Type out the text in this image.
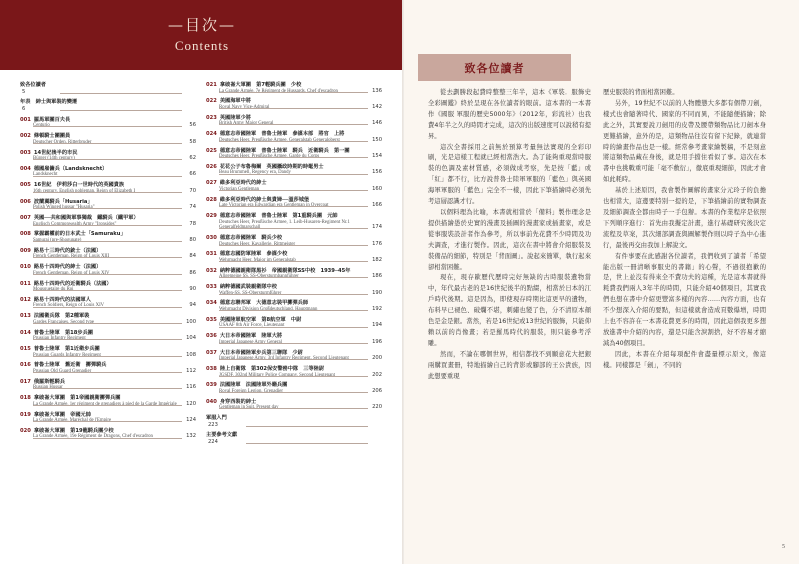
—目次—
Contents
致各位讀者
5
年表　紳士與軍裝的變遷
6
001 羅馬軍團百夫長
Centurio	56
002 條頓騎士團團員
Deutscher Orden, Ritterbruder	58
003 14世紀後半的市民
Bürger (14th century)	62
004 德國雇傭兵（Landsknecht）
Landsknecht	66
005 16世紀　伊莉莎白一世時代的英國貴族
16th century, English nobleman, Reign of Elizabeth I	70
006 波蘭翼騎兵「Husaria」
Polish Winged hussar "Husaria"	74
007 英國──共和國與軍事獨裁　鐵騎兵（鐵甲軍）
Englisch Commonwealth Army "Ironsides"	78
008 掌握霸權前的日本武士「Samuraku」
Samurai (pre-Shogunate)	80
009 路易十三時代的銃士（法國）
French Gentleman, Reign of Louis XIII	84
010 路易十四時代的紳士（法國）
French Gentleman, Reign of Louis XIV	86
011 路易十四時代的近衛騎兵（法國）
Mousquetaire du Roi	90
012 路易十四時代的法國軍人
French Soldiers, Reign of Louis XIV	94
013 法國衛兵隊　第2種軍裝
Gardes Françaises, Second type	100
014 普魯士陸軍　第18步兵團
Prussian Infantry Regiment	104
015 普魯士陸軍　第1近衛步兵團
Prussian Guards Infantry Regiment	108
016 普魯士陸軍　舊近衛　擲彈騎兵
Prussian Old Guard Grenadier	112
017 俄羅斯輕騎兵
Russian Hussar	116
018 拿破崙大軍團　第1帝國親衛擲彈兵團
La Grande Armée, 1er régiment de grenadiers à pied de la Garde Impériale	120
019 拿破崙大軍團　帝國元帥
La Grande Armée, Maréchal de l'Empire	124
020 拿破崙大軍團　第19龍騎兵團少校
La Grande Armée, 19e Régiment de Dragons, Chef d'escadron	132
021 拿破崙大軍團　第7輕騎兵團　少校
La Grande Armée, 7e Régiment de Hussards, Chef d'escadron	136
022 美國海軍中將
Royal Navy Vice-Admiral	142
023 英國陸軍少將
British Army Major General	146
024 德意志帝國陸軍　普魯士陸軍　參謀本部　將官　上將
Deutsches Heer, Preußische Armee, Generalstab Generaloberst	150
025 德意志帝國陸軍　普魯士陸軍　騎兵　近衛騎兵　第一團
Deutsches Heer, Preußische Armee, Garde du Corps	154
026 花花公子布魯梅爾　英國攝政時期的時髦男士
Beau Brummell, Regency era, Dandy	156
027 維多利亞時代的紳士
Victorian Gentleman	160
028 維多利亞時代的紳士與貴婦──溫莎城堡
Late Victorian era Edwardian era Gentleman in Overcoat	166
029 德意志帝國陸軍　普魯士陸軍　第1重騎兵團　元帥
Deutsches Heer, Preußische Armee, 1. Leib-Husaren-Regiment Nr.1 Generalfeldmarschall	174
030 德意志帝國陸軍　騎兵少校
Deutsches Heer, Kavallerie, Rittmeister	176
031 德意志國防軍陸軍　參謀少校
Wehrmacht Heer, Major im Generalstab	182
032 納粹德國親衛隊黑衫　帝國親衛隊SS中校　1939─45年
Allgemeine SS, SS-Obersturmbannführer	186
033 納粹德國武裝親衛隊中校
Waffen-SS, SS-Obersturmführer	190
034 德意志聯邦軍　大德意志裝甲擲彈兵師
Wehrmacht Division Großdeutschland, Hauptmann	192
035 美國陸軍航空軍　第8航空軍　中尉
USAAF 8th Air Force, Lieutenant	194
036 大日本帝國陸軍　陸軍大將
Imperial Japanese Army General	196
037 大日本帝國陸軍步兵第三聯隊　少尉
Imperial Japanese Army, 3rd Infantry Regiment, Second Lieutenant	200
038 陸上自衛隊　第302保安警務中隊　三等陸尉
JGSDF, 302nd Military Police Company, Second Lieutenant	202
039 法國陸軍　法國陸軍外籍兵團
Royal Foreign Legion, Grenadier	206
040 身穿西裝的紳士
Gentleman in Suit, Present day	220
軍服入門
223
主要參考文獻
224
致各位讀者

從去劃勝段起費時整整三年半，這本《軍裝．服飾史全彩圖鑑》終於呈現在各位讀者的眼前。這本書的一本書作《國服 軍服的歷史5000年》（2012年，彩流社）也我費4年半之久的時間才完成，這次的出版速度可以說稍有提昇。

這次全書採用之前無於預算考量無法實現的全彩印刷，光是這樣工程就已經相當浩大。為了能夠重現當時服裝的色調及素材質感，必須做成考察，先是按「藍」或「紅」都不行，比方說普魯士陸軍軍服的「藍色」與英國海軍軍服的「藍色」完全不一樣，因此下筆描繪時必須先考這層認識才行。

以個料理為比喻，本書就相當於「備料」製作理念是提供描繪愚於史實的漫畫及插圖的漫畫家或插畫家，或是從事服裝設計者作為參考，所以事前先花費不少時間及功夫調查，才進行製作。因此，這次在書中將會介紹服裝及裝備品的細節，特別是「背面圖」。說起來簡單，執行起來卻相當困難。

現在，現存歐歷代歷時完好無缺的古時服裝遺物當中，年代最古老的是16世紀後半的點綴，相當於日本的江戶時代後期。這是因為，即使現存時期比這更早的遺物，布料早已褪色、破爛不堪，刺繡也變了色，分不清原本顏色是金是銀。當然，若是16世紀或13世紀的服飾，只能仰賴以前的肖像畫；若是羅馬時代的服裝，則只能參考浮雕。

然而，不論在哪個世界，相信都找不到願意花大把銀兩購買畫冊，特地描繪自己的背影或腳部的王公貴族，因此想要重現

歷史服裝的背面相當困難。

另外，19世紀不以前的人物體態大多都有個帶刀劍，樣式也會隨著時代、國家的不同而異，不能隨便描繪；除此之外，其實要說刀劍用的皮帶及腰帶類物品比刀劍本身更難描繪，意外的是，這類物品往沒有留下紀錄，就連當時的繪畫作品也是一樣。經常參考畫家繪製稿，不是刻意將這類物品藏在身後，就是用手擋住看似了事。這次在本書中也挑戰重可能「毫不敷衍」，徹底重現細節，因此才會如此耗時。

基於上述原因，我會製作圖解的畫家分元玲子的負擔也相當大，這邊要特別一提的是，下筆描繪前的實物調查及細節調查全都由時子一手包辦。本書的作業程序是依照下列順序進行：首先由我擬定計畫，進行基礎研究後決定流程及草案，其次細部調查與圖解製作則以時子為中心進行，最後再交由我加上解說文。

有件事要在此感謝各位讀者，我們收到了讀者「希望能出版一冊清晰事服史的書籍」的心聲，不過很抱歉的是，世上並沒有得來全不費功夫的這種，光是這本書就得耗費我們兩人3年半的時間，只能介紹40個項目，其實我們也想在書中介紹更豐富多樣的內容……內容方面，也有不少想深入介紹的要點，但這樣就會造成頁數爆增，時間上也不容許在一本書花費更多的時間，因此這個我更多想放進書中介紹的內容，還是只能含淚割捨，好不容易才縮減為40個項目。

因此，本書在介紹每項配件會盡量標示原文，像這樣。同樣都是「劍」，不同的

5
